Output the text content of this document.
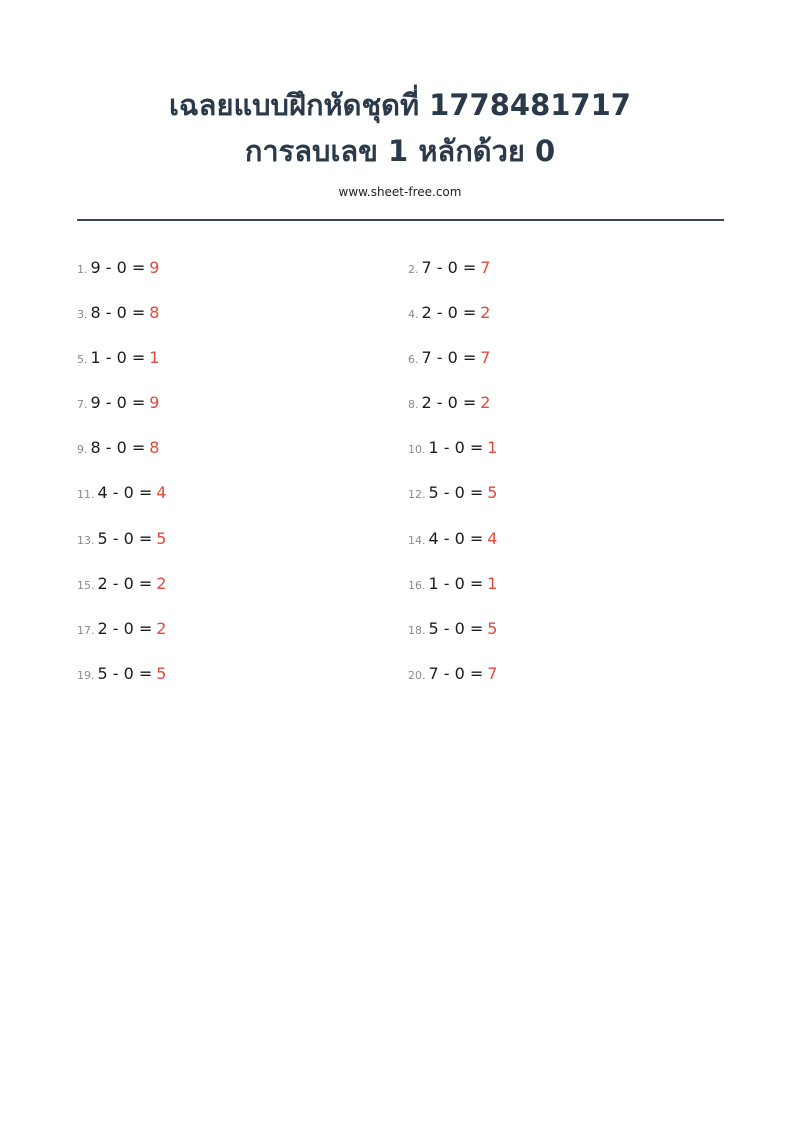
เฉลยแบบฝึกหัดชุดที่ 1778481717
การลบเลข 1 หลักด้วย 0
www.sheet-free.com
1. 9 - 0 = 9	2. 7 - 0 = 7
3. 8 - 0 = 8	4. 2 - 0 = 2
5. 1 - 0 = 1	6. 7 - 0 = 7
7. 9 - 0 = 9	8. 2 - 0 = 2
9. 8 - 0 = 8	10. 1 - 0 = 1
11. 4 - 0 = 4	12. 5 - 0 = 5
13. 5 - 0 = 5	14. 4 - 0 = 4
15. 2 - 0 = 2	16. 1 - 0 = 1
17. 2 - 0 = 2	18. 5 - 0 = 5
19. 5 - 0 = 5	20. 7 - 0 = 7
